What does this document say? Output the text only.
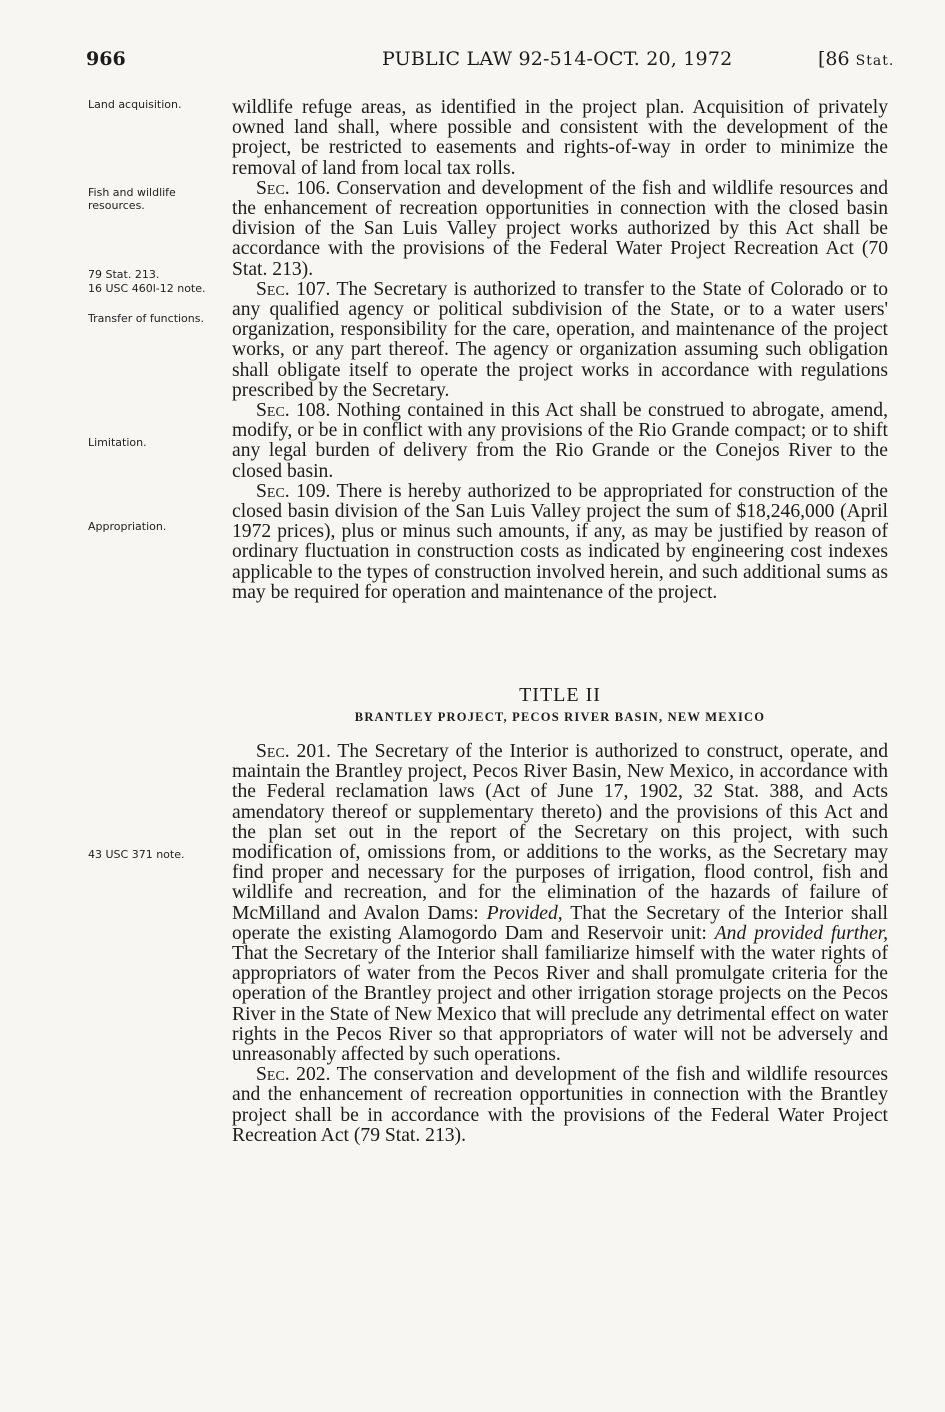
966	PUBLIC LAW 92-514-OCT. 20, 1972	[86 Stat.
Land acquisition.
Fish and wildlife resources.
79 Stat. 213.
16 USC 460l-12 note.
Transfer of functions.
Limitation.
Appropriation.
43 USC 371 note.

wildlife refuge areas, as identified in the project plan. Acquisition of privately owned land shall, where possible and consistent with the development of the project, be restricted to easements and rights-of-way in order to minimize the removal of land from local tax rolls.

Sec. 106. Conservation and development of the fish and wildlife resources and the enhancement of recreation opportunities in connection with the closed basin division of the San Luis Valley project works authorized by this Act shall be accordance with the provisions of the Federal Water Project Recreation Act (70 Stat. 213).

Sec. 107. The Secretary is authorized to transfer to the State of Colorado or to any qualified agency or political subdivision of the State, or to a water users' organization, responsibility for the care, operation, and maintenance of the project works, or any part thereof. The agency or organization assuming such obligation shall obligate itself to operate the project works in accordance with regulations prescribed by the Secretary.

Sec. 108. Nothing contained in this Act shall be construed to abrogate, amend, modify, or be in conflict with any provisions of the Rio Grande compact; or to shift any legal burden of delivery from the Rio Grande or the Conejos River to the closed basin.

Sec. 109. There is hereby authorized to be appropriated for construction of the closed basin division of the San Luis Valley project the sum of $18,246,000 (April 1972 prices), plus or minus such amounts, if any, as may be justified by reason of ordinary fluctuation in construction costs as indicated by engineering cost indexes applicable to the types of construction involved herein, and such additional sums as may be required for operation and maintenance of the project.

TITLE II
BRANTLEY PROJECT, PECOS RIVER BASIN, NEW MEXICO

Sec. 201. The Secretary of the Interior is authorized to construct, operate, and maintain the Brantley project, Pecos River Basin, New Mexico, in accordance with the Federal reclamation laws (Act of June 17, 1902, 32 Stat. 388, and Acts amendatory thereof or supplementary thereto) and the provisions of this Act and the plan set out in the report of the Secretary on this project, with such modification of, omissions from, or additions to the works, as the Secretary may find proper and necessary for the purposes of irrigation, flood control, fish and wildlife and recreation, and for the elimination of the hazards of failure of McMilland and Avalon Dams: Provided, That the Secretary of the Interior shall operate the existing Alamogordo Dam and Reservoir unit: And provided further, That the Secretary of the Interior shall familiarize himself with the water rights of appropriators of water from the Pecos River and shall promulgate criteria for the operation of the Brantley project and other irrigation storage projects on the Pecos River in the State of New Mexico that will preclude any detrimental effect on water rights in the Pecos River so that appropriators of water will not be adversely and unreasonably affected by such operations.

Sec. 202. The conservation and development of the fish and wildlife resources and the enhancement of recreation opportunities in connection with the Brantley project shall be in accordance with the provisions of the Federal Water Project Recreation Act (79 Stat. 213).
